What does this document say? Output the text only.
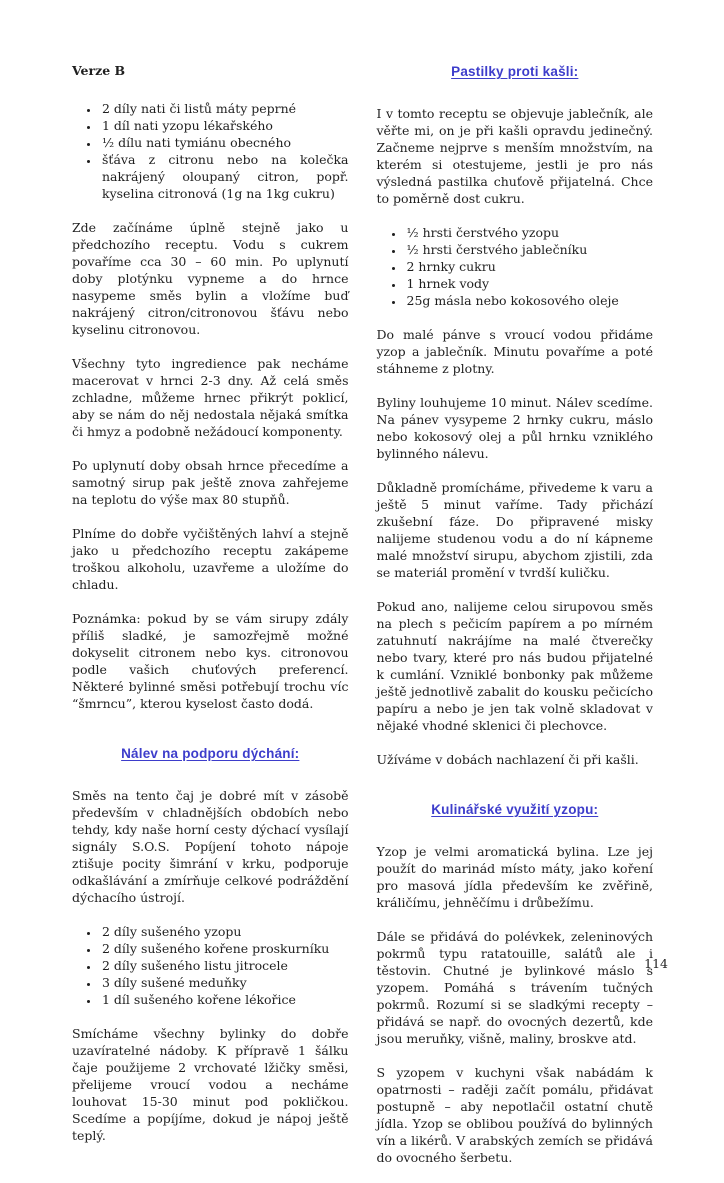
Verze B

• 2 díly nati či listů máty peprné
• 1 díl nati yzopu lékařského
• ½ dílu nati tymiánu obecného
• šťáva z citronu nebo na kolečka nakrájený oloupaný citron, popř. kyselina citronová (1g na 1kg cukru)

Zde začínáme úplně stejně jako u předchozího receptu. Vodu s cukrem povaříme cca 30 – 60 min. Po uplynutí doby plotýnku vypneme a do hrnce nasypeme směs bylin a vložíme buď nakrájený citron/citronovou šťávu nebo kyselinu citronovou.

Všechny tyto ingredience pak necháme macerovat v hrnci 2-3 dny. Až celá směs zchladne, můžeme hrnec přikrýt poklicí, aby se nám do něj nedostala nějaká smítka či hmyz a podobně nežádoucí komponenty.

Po uplynutí doby obsah hrnce přecedíme a samotný sirup pak ještě znova zahřejeme na teplotu do výše max 80 stupňů.

Plníme do dobře vyčištěných lahví a stejně jako u předchozího receptu zakápeme troškou alkoholu, uzavřeme a uložíme do chladu.

Poznámka: pokud by se vám sirupy zdály příliš sladké, je samozřejmě možné dokyselit citronem nebo kys. citronovou podle vašich chuťových preferencí. Některé bylinné směsi potřebují trochu víc “šmrncu”, kterou kyselost často dodá.

Nálev na podporu dýchání:

Směs na tento čaj je dobré mít v zásobě především v chladnějších obdobích nebo tehdy, kdy naše horní cesty dýchací vysílají signály S.O.S. Popíjení tohoto nápoje ztišuje pocity šimrání v krku, podporuje odkašlávání a zmírňuje celkové podráždění dýchacího ústrojí.

• 2 díly sušeného yzopu
• 2 díly sušeného kořene proskurníku
• 2 díly sušeného listu jitrocele
• 3 díly sušené meduňky
• 1 díl sušeného kořene lékořice

Smícháme všechny bylinky do dobře uzavíratelné nádoby. K přípravě 1 šálku čaje použijeme 2 vrchovaté lžičky směsi, přelijeme vroucí vodou a necháme louhovat 15-30 minut pod pokličkou. Scedíme a popíjíme, dokud je nápoj ještě teplý.

Pastilky proti kašli:

I v tomto receptu se objevuje jablečník, ale věřte mi, on je při kašli opravdu jedinečný. Začneme nejprve s menším množstvím, na kterém si otestujeme, jestli je pro nás výsledná pastilka chuťově přijatelná. Chce to poměrně dost cukru.

• ½ hrsti čerstvého yzopu
• ½ hrsti čerstvého jablečníku
• 2 hrnky cukru
• 1 hrnek vody
• 25g másla nebo kokosového oleje

Do malé pánve s vroucí vodou přidáme yzop a jablečník. Minutu povaříme a poté stáhneme z plotny.

Byliny louhujeme 10 minut. Nálev scedíme. Na pánev vysypeme 2 hrnky cukru, máslo nebo kokosový olej a půl hrnku vzniklého bylinného nálevu.

Důkladně promícháme, přivedeme k varu a ještě 5 minut vaříme. Tady přichází zkušební fáze. Do připravené misky nalijeme studenou vodu a do ní kápneme malé množství sirupu, abychom zjistili, zda se materiál promění v tvrdší kuličku.

Pokud ano, nalijeme celou sirupovou směs na plech s pečicím papírem a po mírném zatuhnutí nakrájíme na malé čtverečky nebo tvary, které pro nás budou přijatelné k cumlání. Vzniklé bonbonky pak můžeme ještě jednotlivě zabalit do kousku pečicícho papíru a nebo je jen tak volně skladovat v nějaké vhodné sklenici či plechovce.

Užíváme v dobách nachlazení či při kašli.

Kulinářské využití yzopu:

Yzop je velmi aromatická bylina. Lze jej použít do marinád místo máty, jako koření pro masová jídla především ke zvěřině, králičímu, jehněčímu i drůbežímu.

Dále se přidává do polévkek, zeleninových pokrmů typu ratatouille, salátů ale i těstovin. Chutné je bylinkové máslo s yzopem. Pomáhá s trávením tučných pokrmů. Rozumí si se sladkými recepty – přidává se např. do ovocných dezertů, kde jsou meruňky, višně, maliny, broskve atd.

S yzopem v kuchyni však nabádám k opatrnosti – raději začít pomálu, přidávat postupně – aby nepotlačil ostatní chutě jídla. Yzop se oblibou používá do bylinných vín a likérů. V arabských zemích se přidává do ovocného šerbetu.

114
